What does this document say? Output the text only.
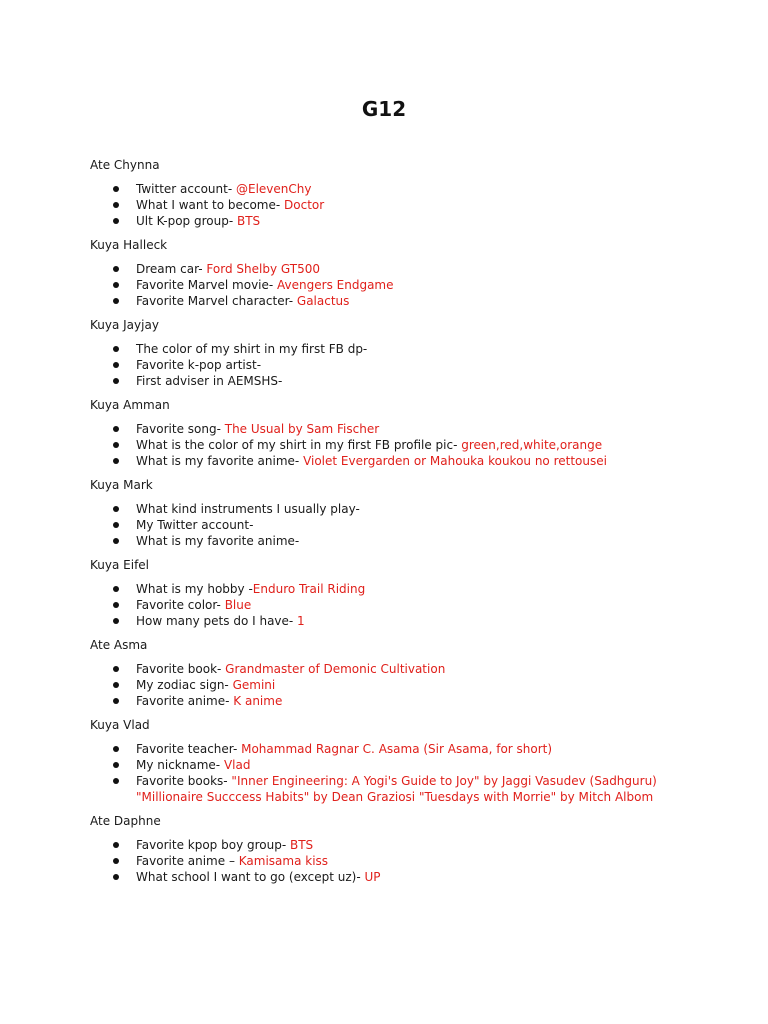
G12
Ate Chynna
Twitter account- @ElevenChy
What I want to become- Doctor
Ult K-pop group- BTS
Kuya Halleck
Dream car- Ford Shelby GT500
Favorite Marvel movie- Avengers Endgame
Favorite Marvel character- Galactus
Kuya Jayjay
The color of my shirt in my first FB dp-
Favorite k-pop artist-
First adviser in AEMSHS-
Kuya Amman
Favorite song- The Usual by Sam Fischer
What is the color of my shirt in my first FB profile pic- green,red,white,orange
What is my favorite anime- Violet Evergarden or Mahouka koukou no rettousei
Kuya Mark
What kind instruments I usually play-
My Twitter account-
What is my favorite anime-
Kuya Eifel
What is my hobby -Enduro Trail Riding
Favorite color- Blue
How many pets do I have- 1
Ate Asma
Favorite book- Grandmaster of Demonic Cultivation
My zodiac sign- Gemini
Favorite anime- K anime
Kuya Vlad
Favorite teacher- Mohammad Ragnar C. Asama (Sir Asama, for short)
My nickname- Vlad
Favorite books- "Inner Engineering: A Yogi's Guide to Joy" by Jaggi Vasudev (Sadhguru)
"Millionaire Succcess Habits" by Dean Graziosi "Tuesdays with Morrie" by Mitch Albom
Ate Daphne
Favorite kpop boy group- BTS
Favorite anime – Kamisama kiss
What school I want to go (except uz)- UP
